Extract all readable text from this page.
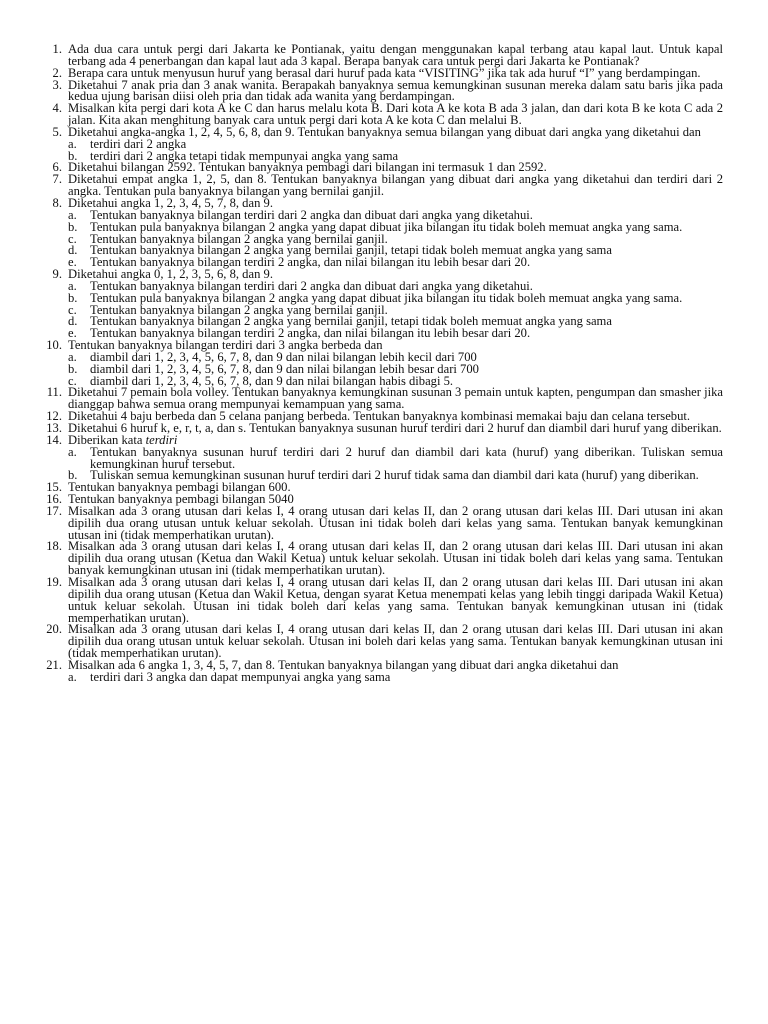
1. Ada dua cara untuk pergi dari Jakarta ke Pontianak, yaitu dengan menggunakan kapal terbang atau kapal laut. Untuk kapal terbang ada 4 penerbangan dan kapal laut ada 3 kapal. Berapa banyak cara untuk pergi dari Jakarta ke Pontianak?
2. Berapa cara untuk menyusun huruf yang berasal dari huruf pada kata “VISITING” jika tak ada huruf “I” yang berdampingan.
3. Diketahui 7 anak pria dan 3 anak wanita. Berapakah banyaknya semua kemungkinan susunan mereka dalam satu baris jika pada kedua ujung barisan diisi oleh pria dan tidak ada wanita yang berdampingan.
4. Misalkan kita pergi dari kota A ke C dan harus melalu kota B. Dari kota A ke kota B ada 3 jalan, dan dari kota B ke kota C ada 2 jalan. Kita akan menghitung banyak cara untuk pergi dari kota A ke kota C dan melalui B.
5. Diketahui angka-angka 1, 2, 4, 5, 6, 8, dan 9. Tentukan banyaknya semua bilangan yang dibuat dari angka yang diketahui dan
a. terdiri dari 2 angka
b. terdiri dari 2 angka tetapi tidak mempunyai angka yang sama
6. Diketahui bilangan 2592. Tentukan banyaknya pembagi dari bilangan ini termasuk 1 dan 2592.
7. Diketahui empat angka 1, 2, 5, dan 8. Tentukan banyaknya bilangan yang dibuat dari angka yang diketahui dan terdiri dari 2 angka. Tentukan pula banyaknya bilangan yang bernilai ganjil.
8. Diketahui angka 1, 2, 3, 4, 5, 7, 8, dan 9.
a. Tentukan banyaknya bilangan terdiri dari 2 angka dan dibuat dari angka yang diketahui.
b. Tentukan pula banyaknya bilangan 2 angka yang dapat dibuat jika bilangan itu tidak boleh memuat angka yang sama.
c. Tentukan banyaknya bilangan 2 angka yang bernilai ganjil.
d. Tentukan banyaknya bilangan 2 angka yang bernilai ganjil, tetapi tidak boleh memuat angka yang sama
e. Tentukan banyaknya bilangan terdiri 2 angka, dan nilai bilangan itu lebih besar dari 20.
9. Diketahui angka 0, 1, 2, 3, 5, 6, 8, dan 9.
a. Tentukan banyaknya bilangan terdiri dari 2 angka dan dibuat dari angka yang diketahui.
b. Tentukan pula banyaknya bilangan 2 angka yang dapat dibuat jika bilangan itu tidak boleh memuat angka yang sama.
c. Tentukan banyaknya bilangan 2 angka yang bernilai ganjil.
d. Tentukan banyaknya bilangan 2 angka yang bernilai ganjil, tetapi tidak boleh memuat angka yang sama
e. Tentukan banyaknya bilangan terdiri 2 angka, dan nilai bilangan itu lebih besar dari 20.
10. Tentukan banyaknya bilangan terdiri dari 3 angka berbeda dan
a. diambil dari 1, 2, 3, 4, 5, 6, 7, 8, dan 9 dan nilai bilangan lebih kecil dari 700
b. diambil dari 1, 2, 3, 4, 5, 6, 7, 8, dan 9 dan nilai bilangan lebih besar dari 700
c. diambil dari 1, 2, 3, 4, 5, 6, 7, 8, dan 9 dan nilai bilangan habis dibagi 5.
11. Diketahui 7 pemain bola volley. Tentukan banyaknya kemungkinan susunan 3 pemain untuk kapten, pengumpan dan smasher jika dianggap bahwa semua orang mempunyai kemampuan yang sama.
12. Diketahui 4 baju berbeda dan 5 celana panjang berbeda. Tentukan banyaknya kombinasi memakai baju dan celana tersebut.
13. Diketahui 6 huruf k, e, r, t, a, dan s. Tentukan banyaknya susunan huruf terdiri dari 2 huruf dan diambil dari huruf yang diberikan.
14. Diberikan kata terdiri
a. Tentukan banyaknya susunan huruf terdiri dari 2 huruf dan diambil dari kata (huruf) yang diberikan. Tuliskan semua kemungkinan huruf tersebut.
b. Tuliskan semua kemungkinan susunan huruf terdiri dari 2 huruf tidak sama dan diambil dari kata (huruf) yang diberikan.
15. Tentukan banyaknya pembagi bilangan 600.
16. Tentukan banyaknya pembagi bilangan 5040
17. Misalkan ada 3 orang utusan dari kelas I, 4 orang utusan dari kelas II, dan 2 orang utusan dari kelas III. Dari utusan ini akan dipilih dua orang utusan untuk keluar sekolah. Utusan ini tidak boleh dari kelas yang sama. Tentukan banyak kemungkinan utusan ini (tidak memperhatikan urutan).
18. Misalkan ada 3 orang utusan dari kelas I, 4 orang utusan dari kelas II, dan 2 orang utusan dari kelas III. Dari utusan ini akan dipilih dua orang utusan (Ketua dan Wakil Ketua) untuk keluar sekolah. Utusan ini tidak boleh dari kelas yang sama. Tentukan banyak kemungkinan utusan ini (tidak memperhatikan urutan).
19. Misalkan ada 3 orang utusan dari kelas I, 4 orang utusan dari kelas II, dan 2 orang utusan dari kelas III. Dari utusan ini akan dipilih dua orang utusan (Ketua dan Wakil Ketua, dengan syarat Ketua menempati kelas yang lebih tinggi daripada Wakil Ketua) untuk keluar sekolah. Utusan ini tidak boleh dari kelas yang sama. Tentukan banyak kemungkinan utusan ini (tidak memperhatikan urutan).
20. Misalkan ada 3 orang utusan dari kelas I, 4 orang utusan dari kelas II, dan 2 orang utusan dari kelas III. Dari utusan ini akan dipilih dua orang utusan untuk keluar sekolah. Utusan ini boleh dari kelas yang sama. Tentukan banyak kemungkinan utusan ini (tidak memperhatikan urutan).
21. Misalkan ada 6 angka 1, 3, 4, 5, 7, dan 8. Tentukan banyaknya bilangan yang dibuat dari angka diketahui dan
a. terdiri dari 3 angka dan dapat mempunyai angka yang sama
